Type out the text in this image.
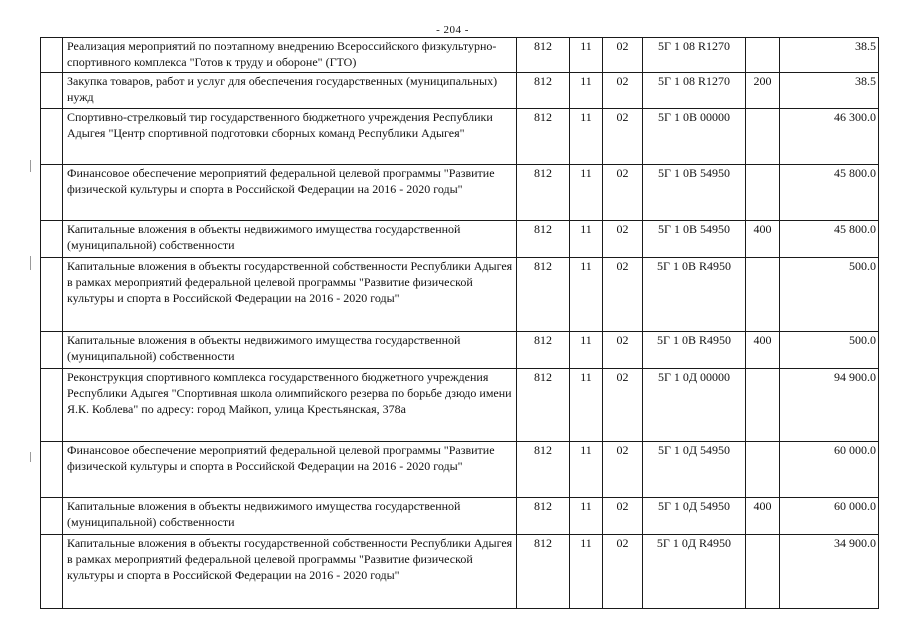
- 204 -
	Реализация мероприятий по поэтапному внедрению Всероссийского физкультурно-спортивного комплекса "Готов к труду и обороне" (ГТО)	812	11	02	5Г 1 08 R1270		38.5
	Закупка товаров, работ и услуг для обеспечения государственных (муниципальных) нужд	812	11	02	5Г 1 08 R1270	200	38.5
	Спортивно-стрелковый тир государственного бюджетного учреждения Республики Адыгея "Центр спортивной подготовки сборных команд Республики Адыгея"	812	11	02	5Г 1 0В 00000		46 300.0
	Финансовое обеспечение мероприятий федеральной целевой программы "Развитие физической культуры и спорта в Российской Федерации на 2016 - 2020 годы"	812	11	02	5Г 1 0В 54950		45 800.0
	Капитальные вложения в объекты недвижимого имущества государственной (муниципальной) собственности	812	11	02	5Г 1 0В 54950	400	45 800.0
	Капитальные вложения в объекты государственной собственности Республики Адыгея в рамках мероприятий федеральной целевой программы "Развитие физической культуры и спорта в Российской Федерации на 2016 - 2020 годы"	812	11	02	5Г 1 0В R4950		500.0
	Капитальные вложения в объекты недвижимого имущества государственной (муниципальной) собственности	812	11	02	5Г 1 0В R4950	400	500.0
	Реконструкция спортивного комплекса государственного бюджетного учреждения Республики Адыгея "Спортивная школа олимпийского резерва по борьбе дзюдо имени Я.К. Коблева" по адресу: город Майкоп, улица Крестьянская, 378а	812	11	02	5Г 1 0Д 00000		94 900.0
	Финансовое обеспечение мероприятий федеральной целевой программы "Развитие физической культуры и спорта в Российской Федерации на 2016 - 2020 годы"	812	11	02	5Г 1 0Д 54950		60 000.0
	Капитальные вложения в объекты недвижимого имущества государственной (муниципальной) собственности	812	11	02	5Г 1 0Д 54950	400	60 000.0
	Капитальные вложения в объекты государственной собственности Республики Адыгея в рамках мероприятий федеральной целевой программы "Развитие физической культуры и спорта в Российской Федерации на 2016 - 2020 годы"	812	11	02	5Г 1 0Д R4950		34 900.0
